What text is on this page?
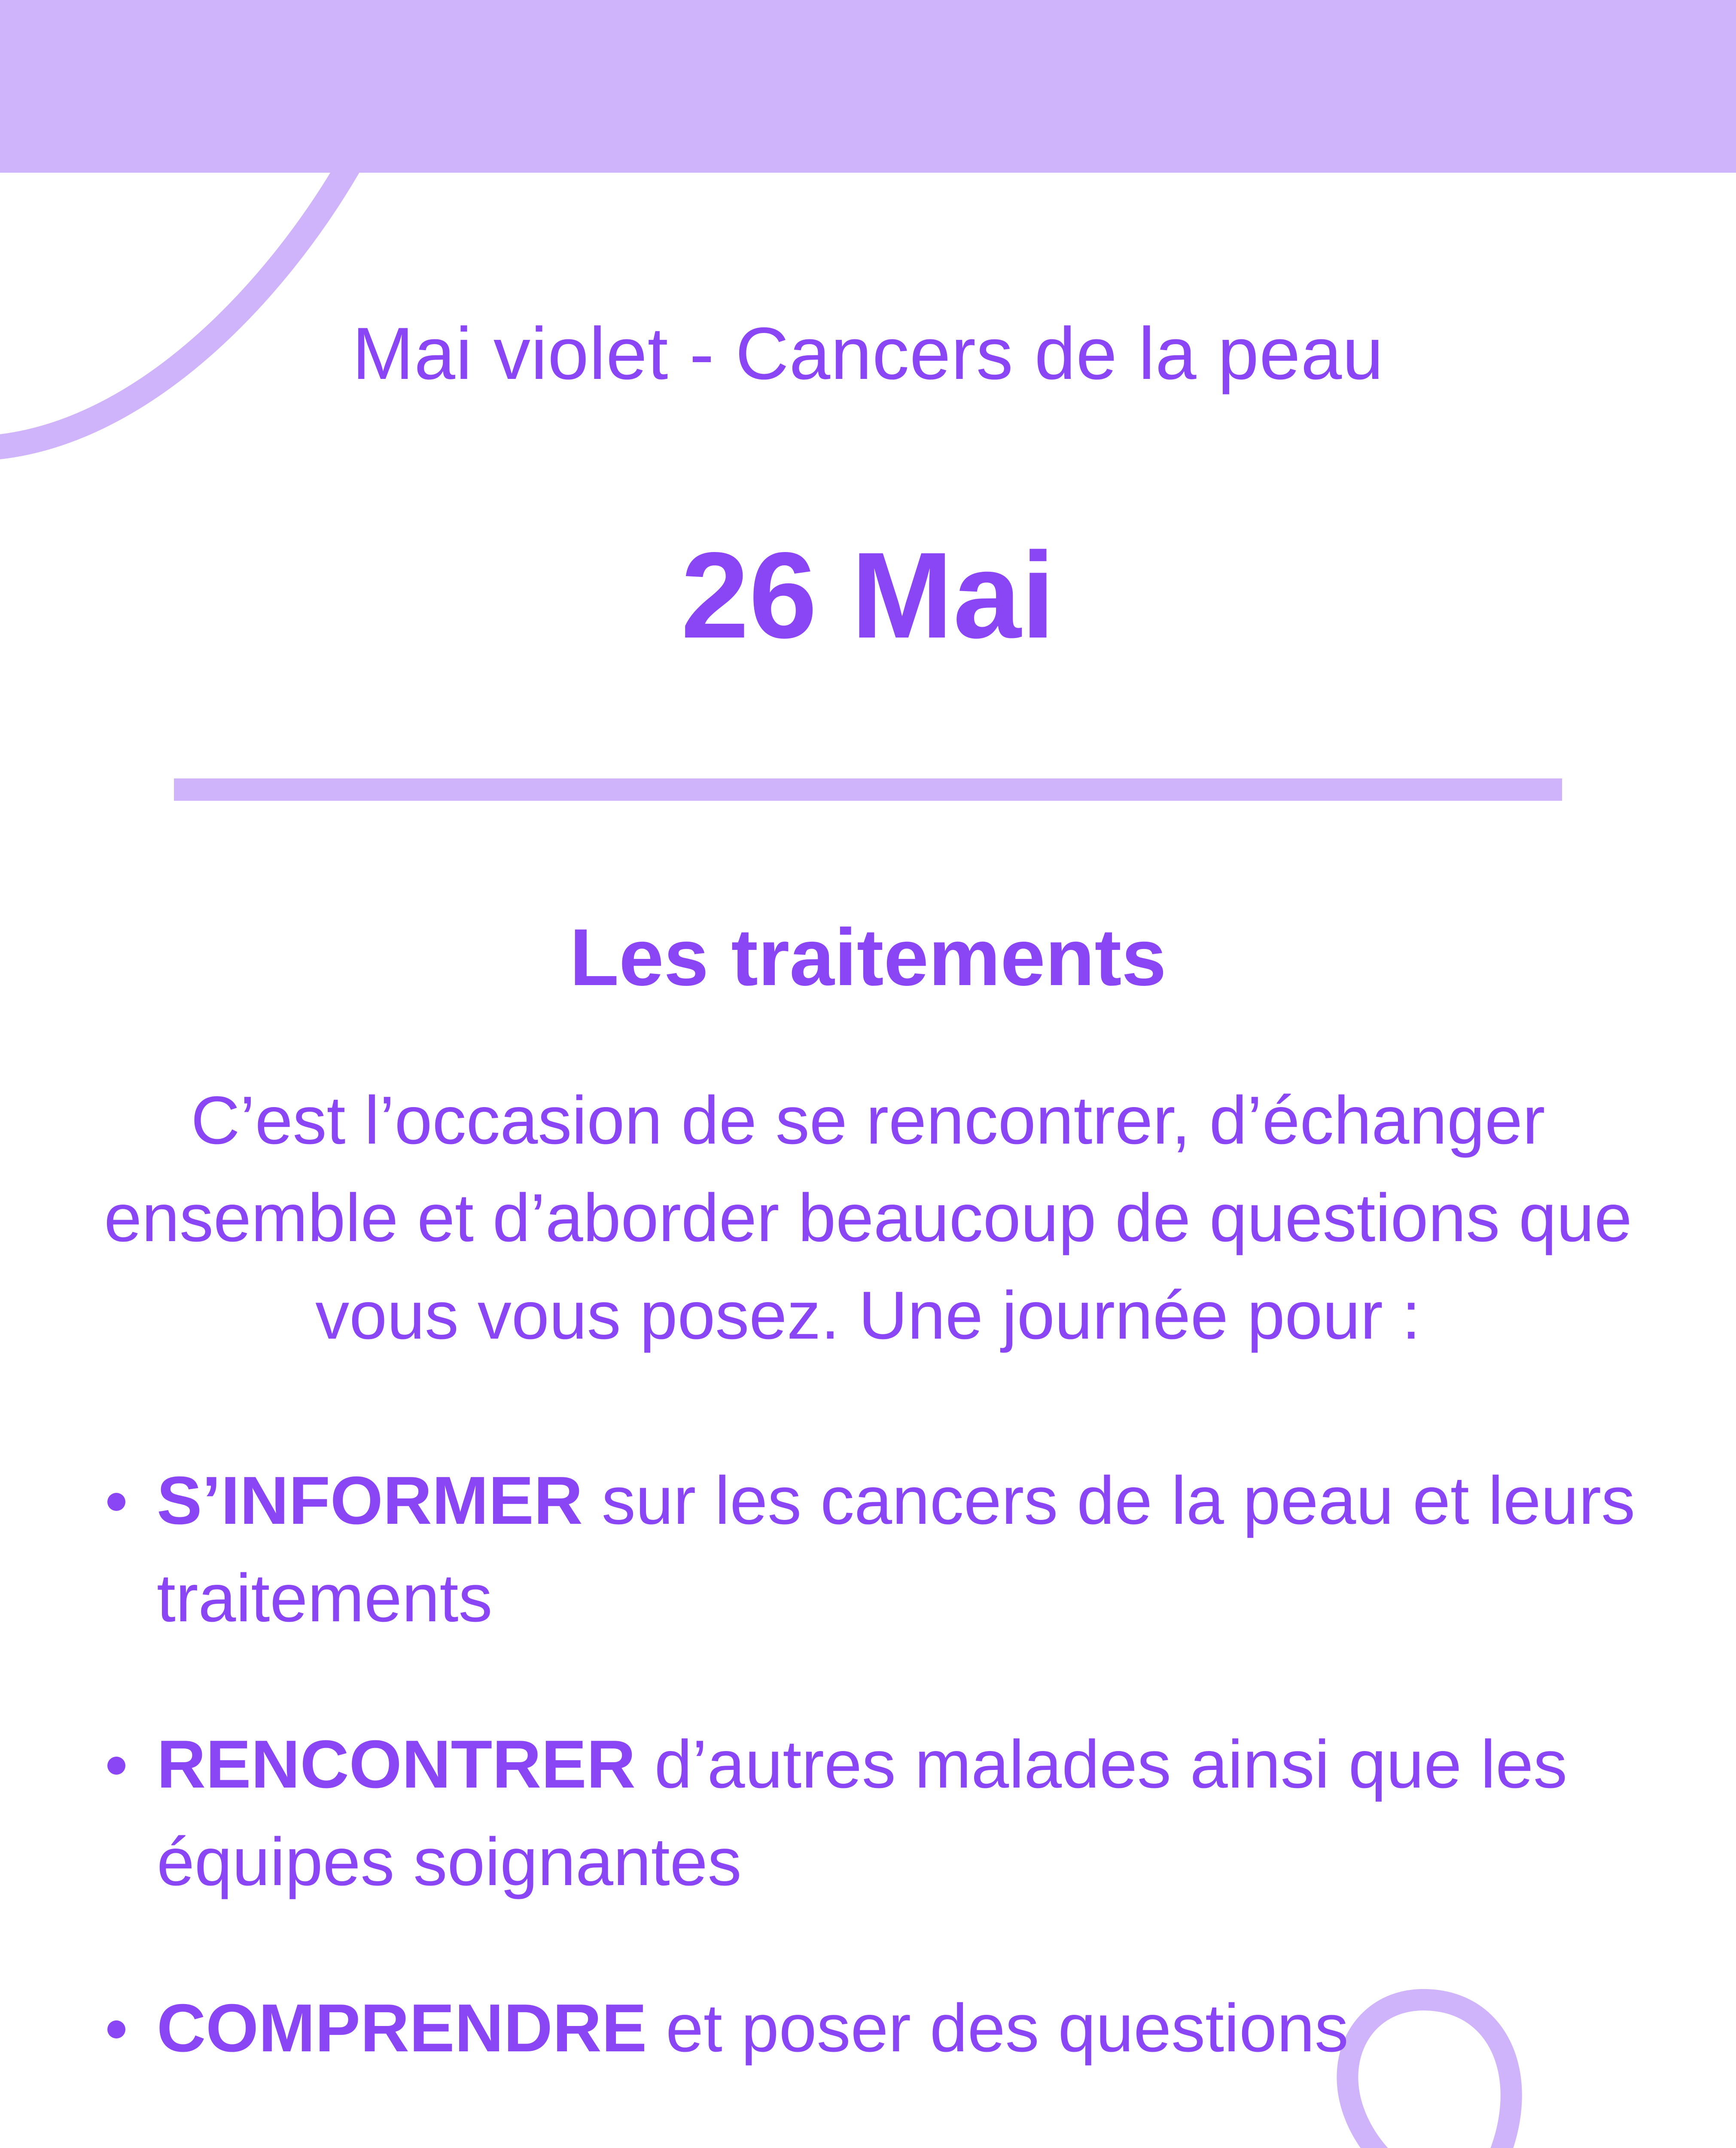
Mai violet - Cancers de la peau
26 Mai
Les traitements
C’est l’occasion de se rencontrer, d’échanger ensemble et d’aborder beaucoup de questions que vous vous posez. Une journée pour :
S’INFORMER sur les cancers de la peau et leurs traitements
RENCONTRER d’autres malades ainsi que les équipes soignantes
COMPRENDRE et poser des questions
